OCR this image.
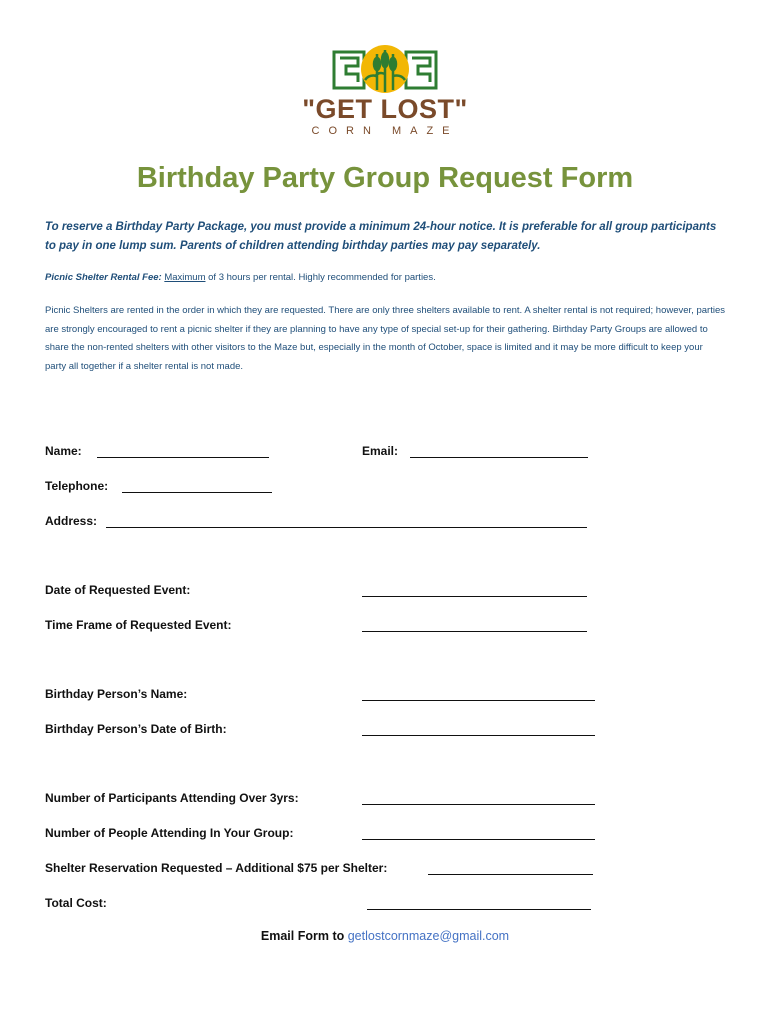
"GET LOST"
CORN MAZE
Birthday Party Group Request Form

To reserve a Birthday Party Package, you must provide a minimum 24-hour notice. It is preferable for all group participants to pay in one lump sum. Parents of children attending birthday parties may pay separately.

Picnic Shelter Rental Fee: Maximum of 3 hours per rental. Highly recommended for parties.

Picnic Shelters are rented in the order in which they are requested. There are only three shelters available to rent. A shelter rental is not required; however, parties are strongly encouraged to rent a picnic shelter if they are planning to have any type of special set-up for their gathering. Birthday Party Groups are allowed to share the non-rented shelters with other visitors to the Maze but, especially in the month of October, space is limited and it may be more difficult to keep your party all together if a shelter rental is not made.

Name:	Email:
Telephone:
Address:
Date of Requested Event:
Time Frame of Requested Event:
Birthday Person’s Name:
Birthday Person’s Date of Birth:
Number of Participants Attending Over 3yrs:
Number of People Attending In Your Group:
Shelter Reservation Requested – Additional $75 per Shelter:
Total Cost:
Email Form to getlostcornmaze@gmail.com
